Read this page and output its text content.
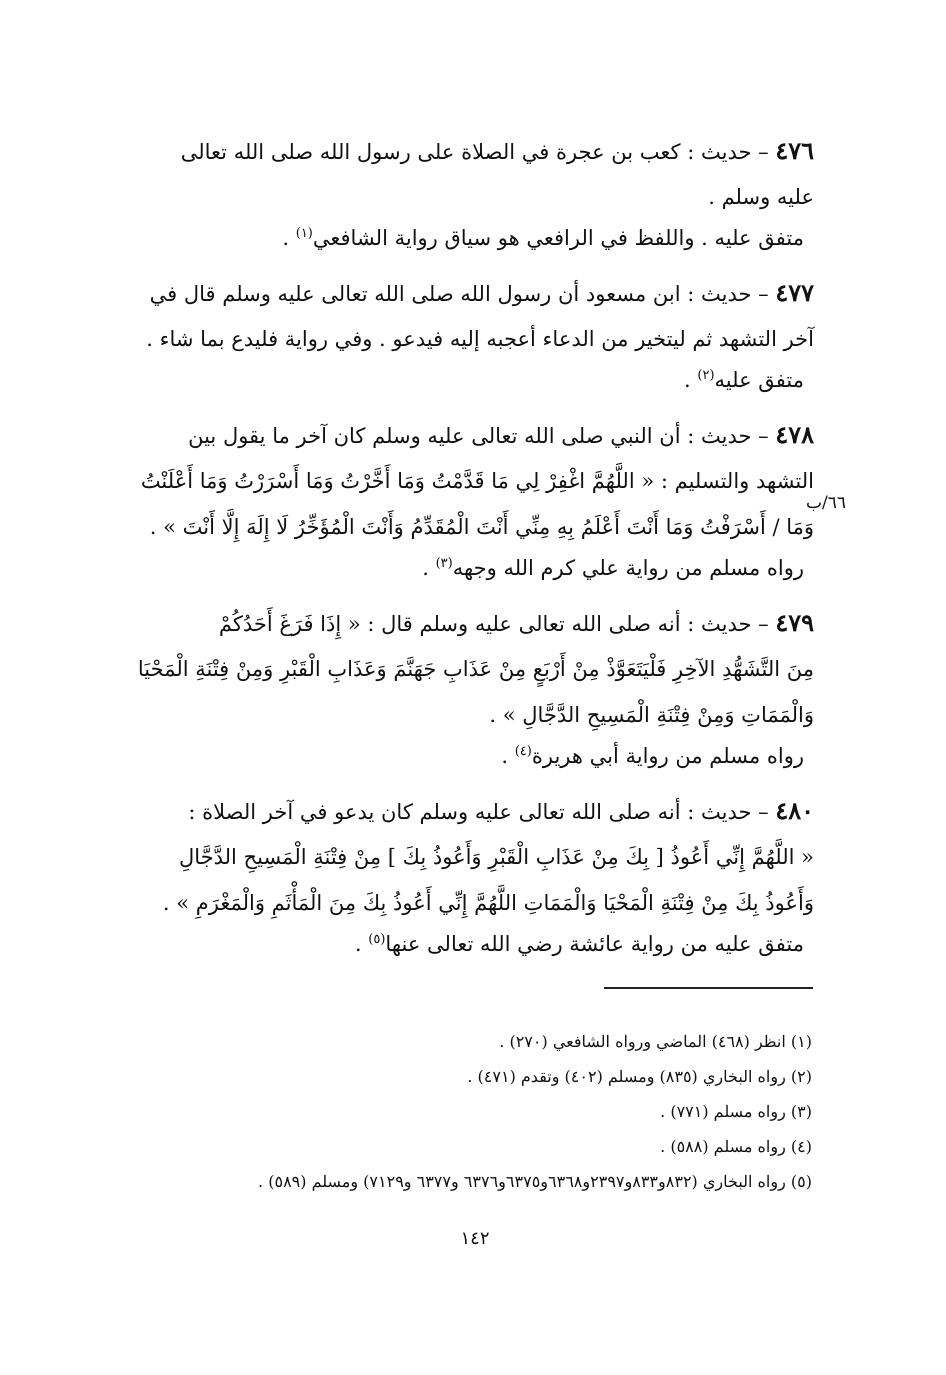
٤٧٦ – حديث : كعب بن عجرة في الصلاة على رسول الله صلى الله تعالى
عليه وسلم .
متفق عليه . واللفظ في الرافعي هو سياق رواية الشافعي$^{(١)}$ .
٤٧٧ – حديث : ابن مسعود أن رسول الله صلى الله تعالى عليه وسلم قال في
آخر التشهد ثم ليتخير من الدعاء أعجبه إليه فيدعو . وفي رواية فليدع بما شاء .
متفق عليه$^{(٢)}$ .
٤٧٨ – حديث : أن النبي صلى الله تعالى عليه وسلم كان آخر ما يقول بين
التشهد والتسليم : « اللَّهُمَّ اغْفِرْ لِي مَا قَدَّمْتُ وَمَا أَخَّرْتُ وَمَا أَسْرَرْتُ وَمَا أَعْلَنْتُ
وَمَا / أَسْرَفْتُ وَمَا أَنْتَ أَعْلَمُ بِهِ مِنِّي أَنْتَ الْمُقَدِّمُ وَأَنْتَ الْمُؤَخِّرُ لَا إِلَهَ إِلَّا أَنْتَ » .
رواه مسلم من رواية علي كرم الله وجهه$^{(٣)}$ .
٤٧٩ – حديث : أنه صلى الله تعالى عليه وسلم قال : « إِذَا فَرَغَ أَحَدُكُمْ
مِنَ التَّشَهُّدِ الآخِرِ فَلْيَتَعَوَّذْ مِنْ أَرْبَعٍ مِنْ عَذَابِ جَهَنَّمَ وَعَذَابِ الْقَبْرِ وَمِنْ فِتْنَةِ الْمَحْيَا
وَالْمَمَاتِ وَمِنْ فِتْنَةِ الْمَسِيحِ الدَّجَّالِ » .
رواه مسلم من رواية أبي هريرة$^{(٤)}$ .
٤٨٠ – حديث : أنه صلى الله تعالى عليه وسلم كان يدعو في آخر الصلاة :
« اللَّهُمَّ إِنِّي أَعُوذُ [ بِكَ مِنْ عَذَابِ الْقَبْرِ وَأَعُوذُ بِكَ ] مِنْ فِتْنَةِ الْمَسِيحِ الدَّجَّالِ
وَأَعُوذُ بِكَ مِنْ فِتْنَةِ الْمَحْيَا وَالْمَمَاتِ اللَّهُمَّ إِنِّي أَعُوذُ بِكَ مِنَ الْمَأْثَمِ وَالْمَغْرَمِ » .
متفق عليه من رواية عائشة رضي الله تعالى عنها$^{(٥)}$ .
٦٦/ب
(١) انظر (٤٦٨) الماضي ورواه الشافعي (٢٧٠) .
(٢) رواه البخاري (٨٣٥) ومسلم (٤٠٢) وتقدم (٤٧١) .
(٣) رواه مسلم (٧٧١) .
(٤) رواه مسلم (٥٨٨) .
(٥) رواه البخاري (٨٣٢و٨٣٣و٢٣٩٧و٦٣٦٨و٦٣٧٥و٦٣٧٦ و٦٣٧٧ و٧١٢٩) ومسلم (٥٨٩) .
١٤٢
